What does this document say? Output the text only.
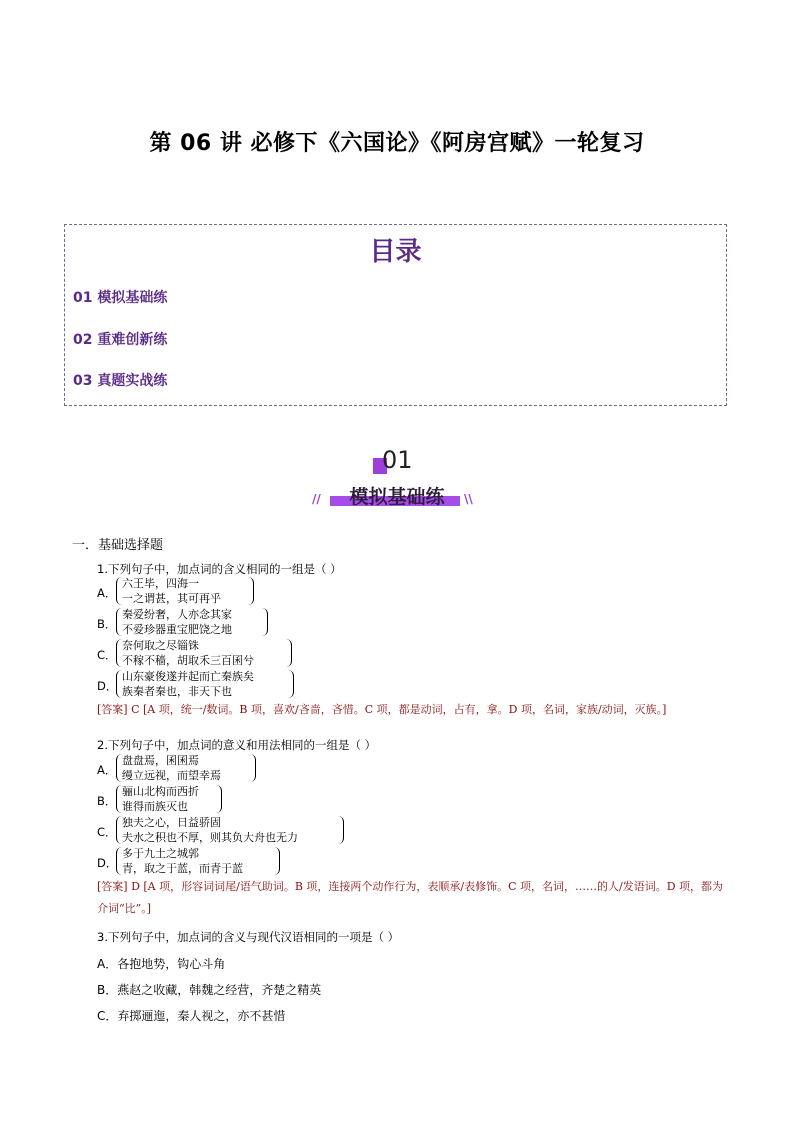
第 06 讲 必修下《六国论》《阿房宫赋》一轮复习
目录
01 模拟基础练
02 重难创新练
03 真题实战练
01
//	\\
模拟基础练
一．基础选择题
1.下列句子中，加点词的含义相同的一组是（ ）
A．
六王毕，四海一
一之谓甚，其可再乎
B．
秦爱纷奢，人亦念其家
不爱珍器重宝肥饶之地
C．
奈何取之尽锱铢
不稼不穑，胡取禾三百囷兮
D．
山东豪俊遂并起而亡秦族矣
族秦者秦也，非天下也
[答案] C [A 项，统一/数词。B 项，喜欢/吝啬，吝惜。C 项，都是动词，占有，拿。D 项，名词，家族/动词，灭族。]
2.下列句子中，加点词的意义和用法相同的一组是（ ）
A．
盘盘焉，囷囷焉
缦立远视，而望幸焉
B．
骊山北构而西折
谁得而族灭也
C．
独夫之心，日益骄固
夫水之积也不厚，则其负大舟也无力
D．
多于九土之城郭
青，取之于蓝，而青于蓝
[答案] D [A 项，形容词词尾/语气助词。B 项，连接两个动作行为，表顺承/表修饰。C 项，名词，……的人/发语词。D 项，都为介词“比”。]
3.下列句子中，加点词的含义与现代汉语相同的一项是（ ）
A．各抱地势，钩心斗角
B．燕赵之收藏，韩魏之经营，齐楚之精英
C．弃掷逦迤，秦人视之，亦不甚惜
